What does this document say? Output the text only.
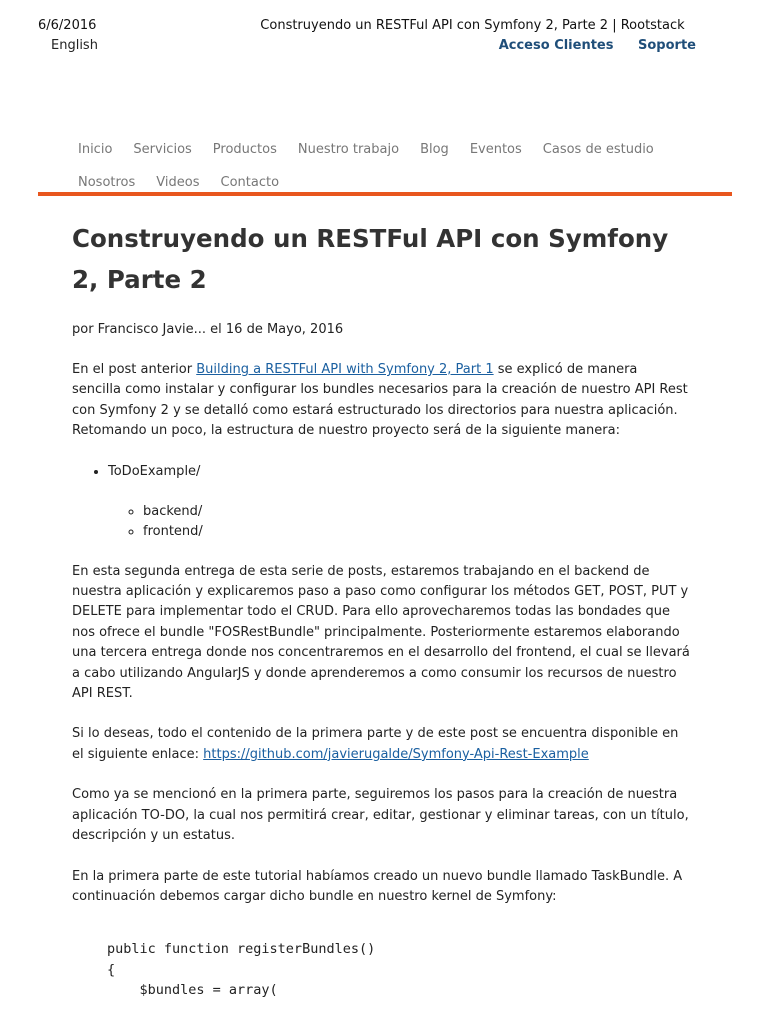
6/6/2016	Construyendo un RESTFul API con Symfony 2, Parte 2 | Rootstack
English	Acceso Clientes Soporte
Inicio Servicios Productos Nuestro trabajo Blog Eventos Casos de estudio
Nosotros Videos Contacto
Construyendo un RESTFul API con Symfony 2, Parte 2
por Francisco Javie... el 16 de Mayo, 2016

En el post anterior Building a RESTFul API with Symfony 2, Part 1 se explicó de manera sencilla como instalar y configurar los bundles necesarios para la creación de nuestro API Rest con Symfony 2 y se detalló como estará estructurado los directorios para nuestra aplicación. Retomando un poco, la estructura de nuestro proyecto será de la siguiente manera:

• ToDoExample/
◦ backend/
◦ frontend/

En esta segunda entrega de esta serie de posts, estaremos trabajando en el backend de nuestra aplicación y explicaremos paso a paso como configurar los métodos GET, POST, PUT y DELETE para implementar todo el CRUD. Para ello aprovecharemos todas las bondades que nos ofrece el bundle "FOSRestBundle" principalmente. Posteriormente estaremos elaborando una tercera entrega donde nos concentraremos en el desarrollo del frontend, el cual se llevará a cabo utilizando AngularJS y donde aprenderemos a como consumir los recursos de nuestro API REST.

Si lo deseas, todo el contenido de la primera parte y de este post se encuentra disponible en el siguiente enlace: https://github.com/javierugalde/Symfony-Api-Rest-Example

Como ya se mencionó en la primera parte, seguiremos los pasos para la creación de nuestra aplicación TO-DO, la cual nos permitirá crear, editar, gestionar y eliminar tareas, con un título, descripción y un estatus.

En la primera parte de este tutorial habíamos creado un nuevo bundle llamado TaskBundle. A continuación debemos cargar dicho bundle en nuestro kernel de Symfony:

public function registerBundles()
{
$bundles = array(
